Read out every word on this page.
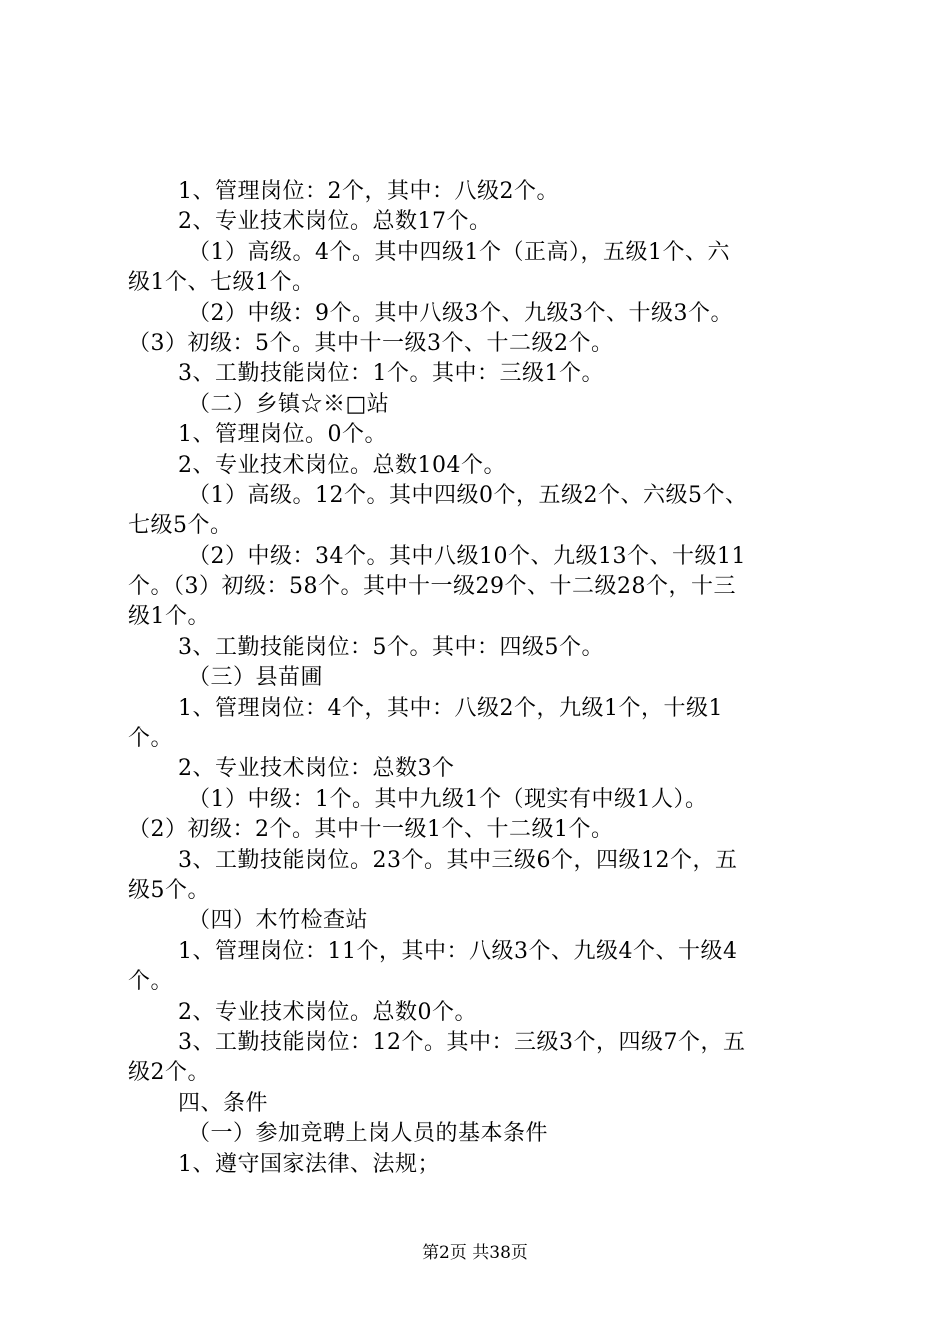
1、管理岗位：2个，其中：八级2个。
2、专业技术岗位。总数17个。
（1）高级。4个。其中四级1个（正高），五级1个、六
级1个、七级1个。
（2）中级：9个。其中八级3个、九级3个、十级3个。
（3）初级：5个。其中十一级3个、十二级2个。
3、工勤技能岗位：1个。其中：三级1个。
（二）乡镇☆※□站
1、管理岗位。0个。
2、专业技术岗位。总数104个。
（1）高级。12个。其中四级0个，五级2个、六级5个、
七级5个。
（2）中级：34个。其中八级10个、九级13个、十级11
个。（3）初级：58个。其中十一级29个、十二级28个，十三
级1个。
3、工勤技能岗位：5个。其中：四级5个。
（三）县苗圃
1、管理岗位：4个，其中：八级2个，九级1个，十级1
个。
2、专业技术岗位：总数3个
（1）中级：1个。其中九级1个（现实有中级1人）。
（2）初级：2个。其中十一级1个、十二级1个。
3、工勤技能岗位。23个。其中三级6个，四级12个，五
级5个。
（四）木竹检查站
1、管理岗位：11个，其中：八级3个、九级4个、十级4
个。
2、专业技术岗位。总数0个。
3、工勤技能岗位：12个。其中：三级3个，四级7个，五
级2个。
四、条件
（一）参加竞聘上岗人员的基本条件
1、遵守国家法律、法规；
第2页 共38页
